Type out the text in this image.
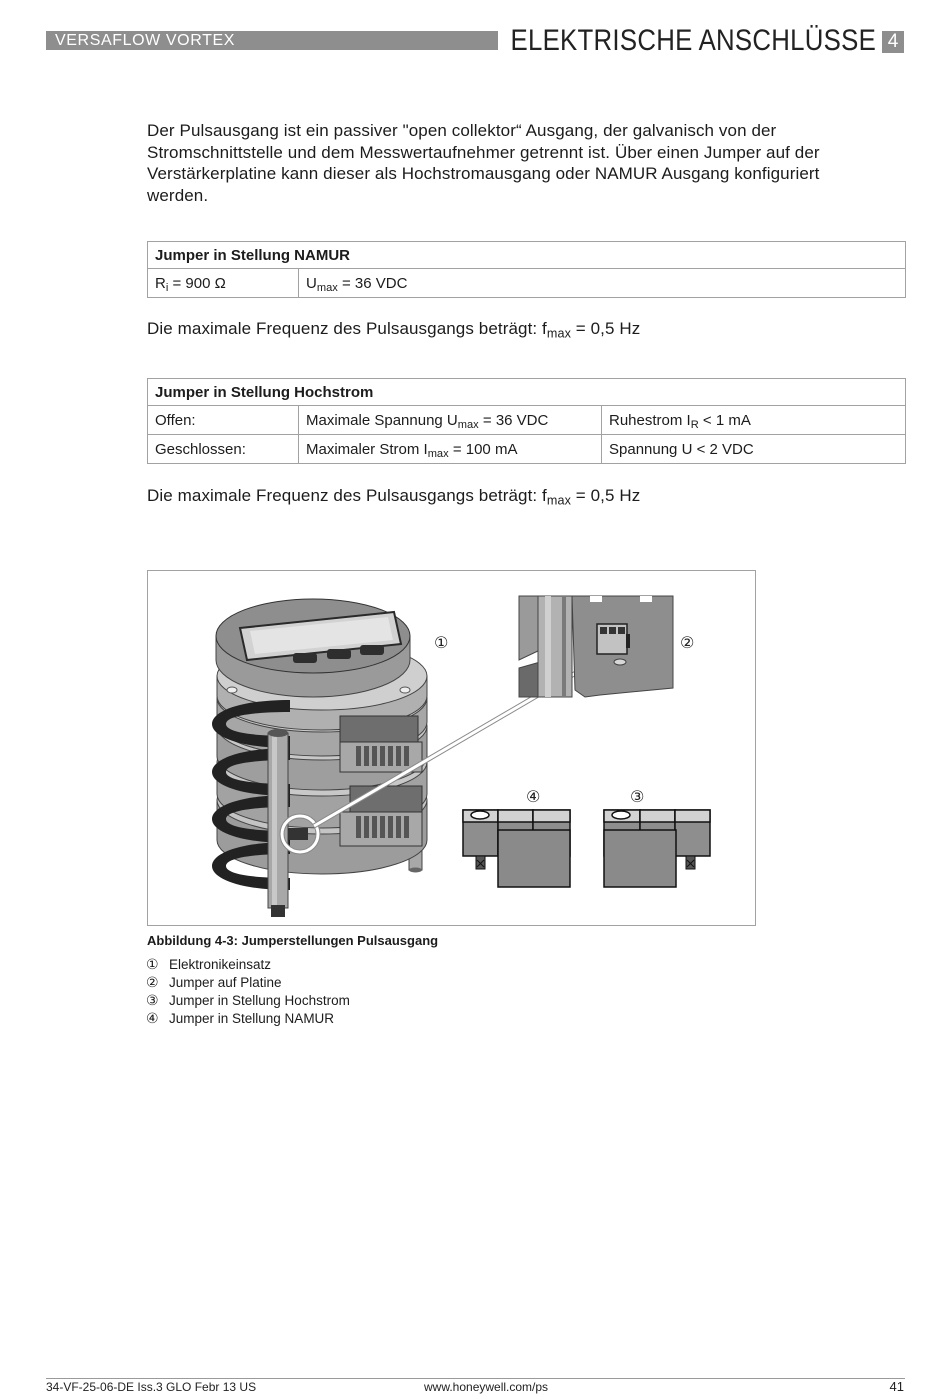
VERSAFLOW VORTEX	ELEKTRISCHE ANSCHLÜSSE 4
Der Pulsausgang ist ein passiver "open collektor“ Ausgang, der galvanisch von der
Stromschnittstelle und dem Messwertaufnehmer getrennt ist. Über einen Jumper auf der
Verstärkerplatine kann dieser als Hochstromausgang oder NAMUR Ausgang konfiguriert
werden.
Jumper in Stellung NAMUR
$R_i = 900$ Ω	$U_{max} = 36$ VDC
Die maximale Frequenz des Pulsausgangs beträgt: $f_{max} = 0,5$ Hz
Jumper in Stellung Hochstrom		
Offen:	Maximale Spannung $U_{max} = 36$ VDC	Ruhestrom $I_R < 1$ mA
Geschlossen:	Maximaler Strom $I_{max} = 100$ mA	Spannung U < 2 VDC
Die maximale Frequenz des Pulsausgangs beträgt: $f_{max} = 0,5$ Hz
①	②
③
④
Abbildung 4-3: Jumperstellungen Pulsausgang
① Elektronikeinsatz
② Jumper auf Platine
③ Jumper in Stellung Hochstrom
④ Jumper in Stellung NAMUR
34-VF-25-06-DE Iss.3 GLO Febr 13 US	www.honeywell.com/ps	41
